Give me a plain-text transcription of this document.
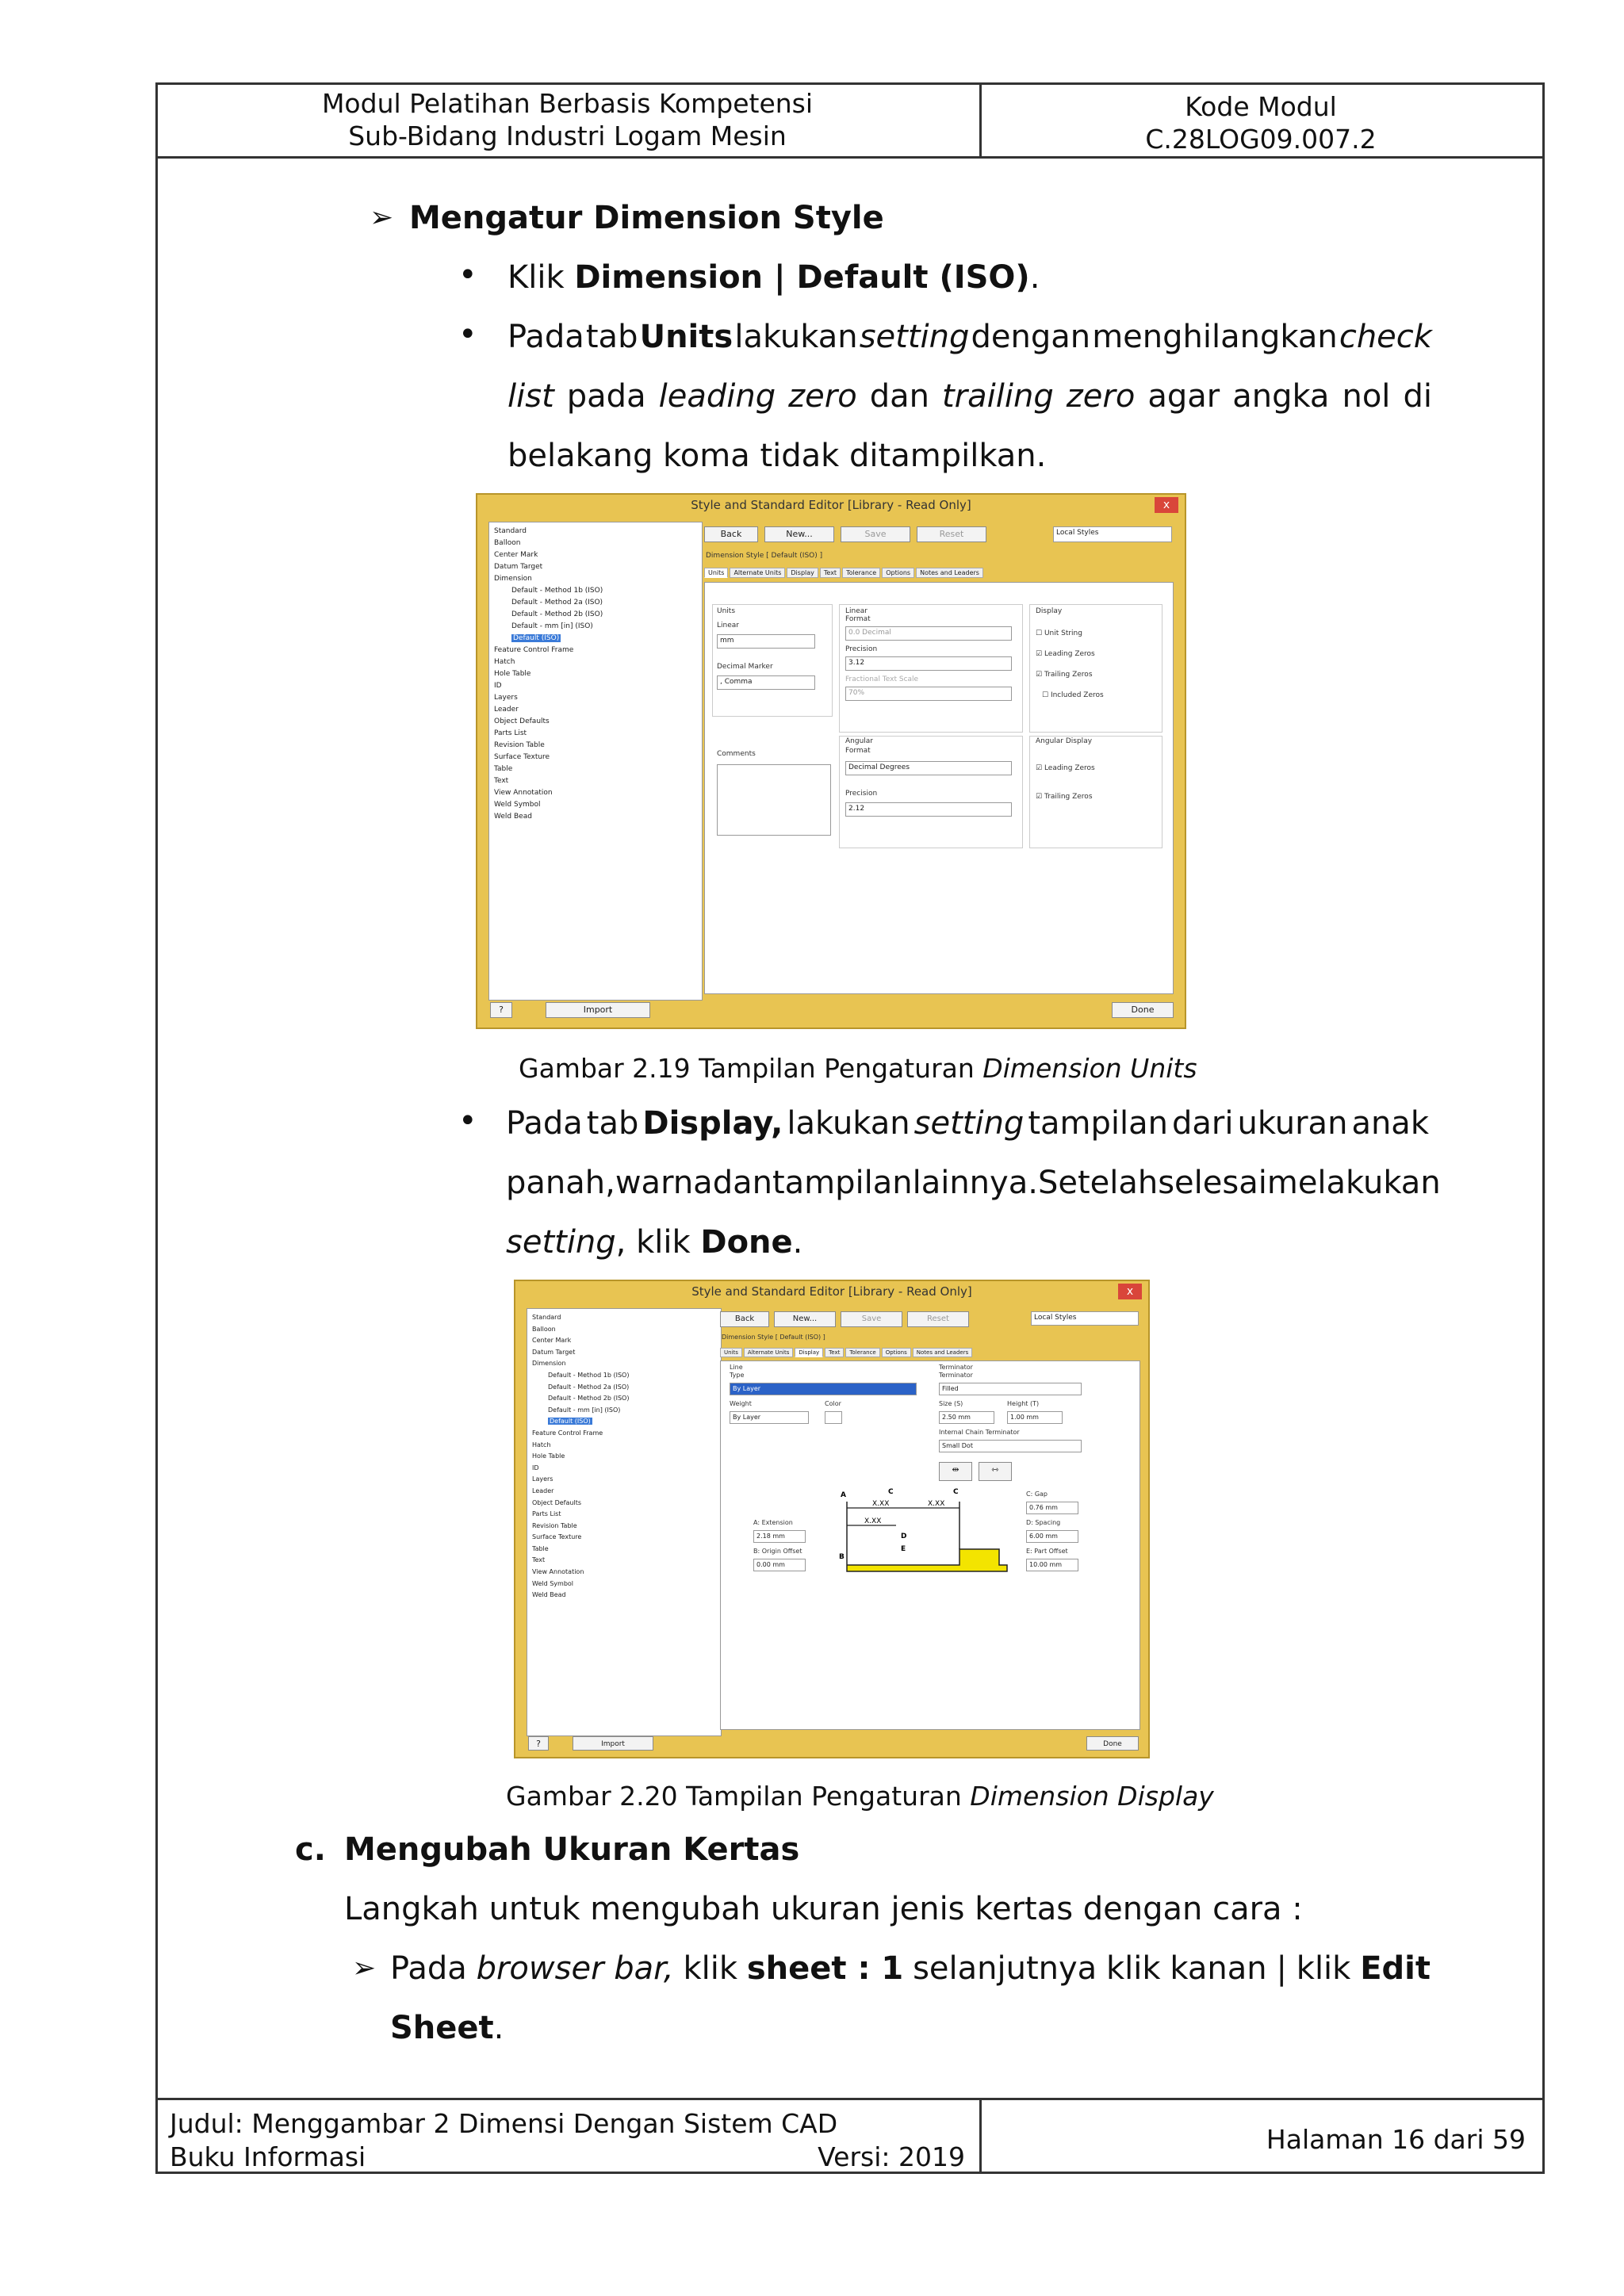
Modul Pelatihan Berbasis Kompetensi
Sub-Bidang Industri Logam Mesin
Kode Modul
C.28LOG09.007.2
➢ Mengatur Dimension Style
• Klik Dimension | Default (ISO).
• Pada tab Units lakukan setting dengan menghilangkan check
list pada leading zero dan trailing zero agar angka nol di
belakang koma tidak ditampilkan.
Style and Standard Editor [Library - Read Only]	x
Standard
Balloon
Center Mark
Datum Target
Dimension
Default - Method 1b (ISO)
Default - Method 2a (ISO)
Default - Method 2b (ISO)
Default - mm [in] (ISO)
Default (ISO)
Feature Control Frame
Hatch
Hole Table
ID
Layers
Leader
Object Defaults
Parts List
Revision Table
Surface Texture
Table
Text
View Annotation
Weld Symbol
Weld Bead
Back	New...	Save	Reset	Local Styles
Dimension Style [ Default (ISO) ]
Units	Alternate Units	Display	Text	Tolerance	Options	Notes and Leaders
Units
Linear
mm
Decimal Marker
, Comma
Linear
Format
0.0 Decimal
Precision
3.12
Fractional Text Scale
70%
Display
☐ Unit String
☑ Leading Zeros
☑ Trailing Zeros
☐ Included Zeros
Comments
Angular
Format
Decimal Degrees
Precision
2.12
Angular Display
☑ Leading Zeros
☑ Trailing Zeros
?	Import	Done
Gambar 2.19 Tampilan Pengaturan Dimension Units
• Pada tab Display, lakukan setting tampilan dari ukuran anak
panah, warna dan tampilan lainnya. Setelah selesai melakukan
setting, klik Done.
Style and Standard Editor [Library - Read Only]	x
Standard
Balloon
Center Mark
Datum Target
Dimension
Default - Method 1b (ISO)
Default - Method 2a (ISO)
Default - Method 2b (ISO)
Default - mm [in] (ISO)
Default (ISO)
Feature Control Frame
Hatch
Hole Table
ID
Layers
Leader
Object Defaults
Parts List
Revision Table
Surface Texture
Table
Text
View Annotation
Weld Symbol
Weld Bead
Back	New...	Save	Reset	Local Styles
Dimension Style [ Default (ISO) ]
Units	Alternate Units	Display	Text	Tolerance	Options	Notes and Leaders
Line
Type
By Layer
Weight
By Layer
Color
Terminator
Terminator
Filled
Size (S)
2.50 mm
Height (T)
1.00 mm
Internal Chain Terminator
Small Dot
⇹	⇿
X.XX
X.XX
X.XX
A
B
C	C
D
E
A: Extension
2.18 mm
B: Origin Offset
0.00 mm
C: Gap
0.76 mm
D: Spacing
6.00 mm
E: Part Offset
10.00 mm
?	Import	Done
Gambar 2.20 Tampilan Pengaturan Dimension Display
c. Mengubah Ukuran Kertas
Langkah untuk mengubah ukuran jenis kertas dengan cara :
➢ Pada browser bar, klik sheet : 1 selanjutnya klik kanan | klik Edit
Sheet.
Judul: Menggambar 2 Dimensi Dengan Sistem CAD
Buku Informasi	Versi: 2019
Halaman 16 dari 59
